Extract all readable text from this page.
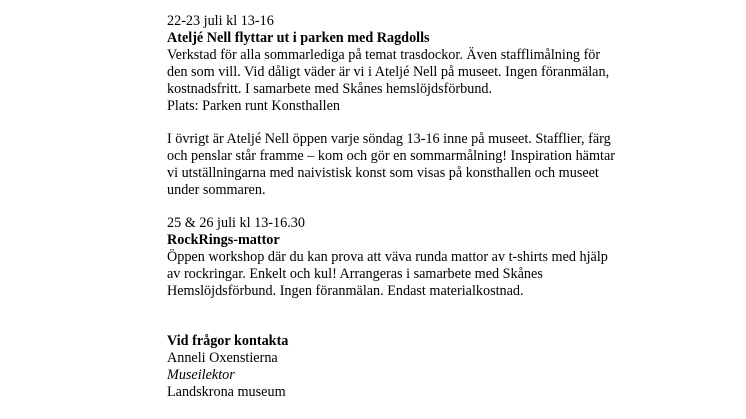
22-23 juli kl 13-16
Ateljé Nell flyttar ut i parken med Ragdolls
Verkstad för alla sommarlediga på temat trasdockor. Även stafflimålning för
den som vill. Vid dåligt väder är vi i Ateljé Nell på museet. Ingen föranmälan,
kostnadsfritt. I samarbete med Skånes hemslöjdsförbund.
Plats: Parken runt Konsthallen
I övrigt är Ateljé Nell öppen varje söndag 13-16 inne på museet. Stafflier, färg
och penslar står framme – kom och gör en sommarmålning! Inspiration hämtar
vi utställningarna med naivistisk konst som visas på konsthallen och museet
under sommaren.
25 & 26 juli kl 13-16.30
RockRings-mattor
Öppen workshop där du kan prova att väva runda mattor av t-shirts med hjälp
av rockringar. Enkelt och kul! Arrangeras i samarbete med Skånes
Hemslöjdsförbund. Ingen föranmälan. Endast materialkostnad.
Vid frågor kontakta
Anneli Oxenstierna
Museilektor
Landskrona museum
